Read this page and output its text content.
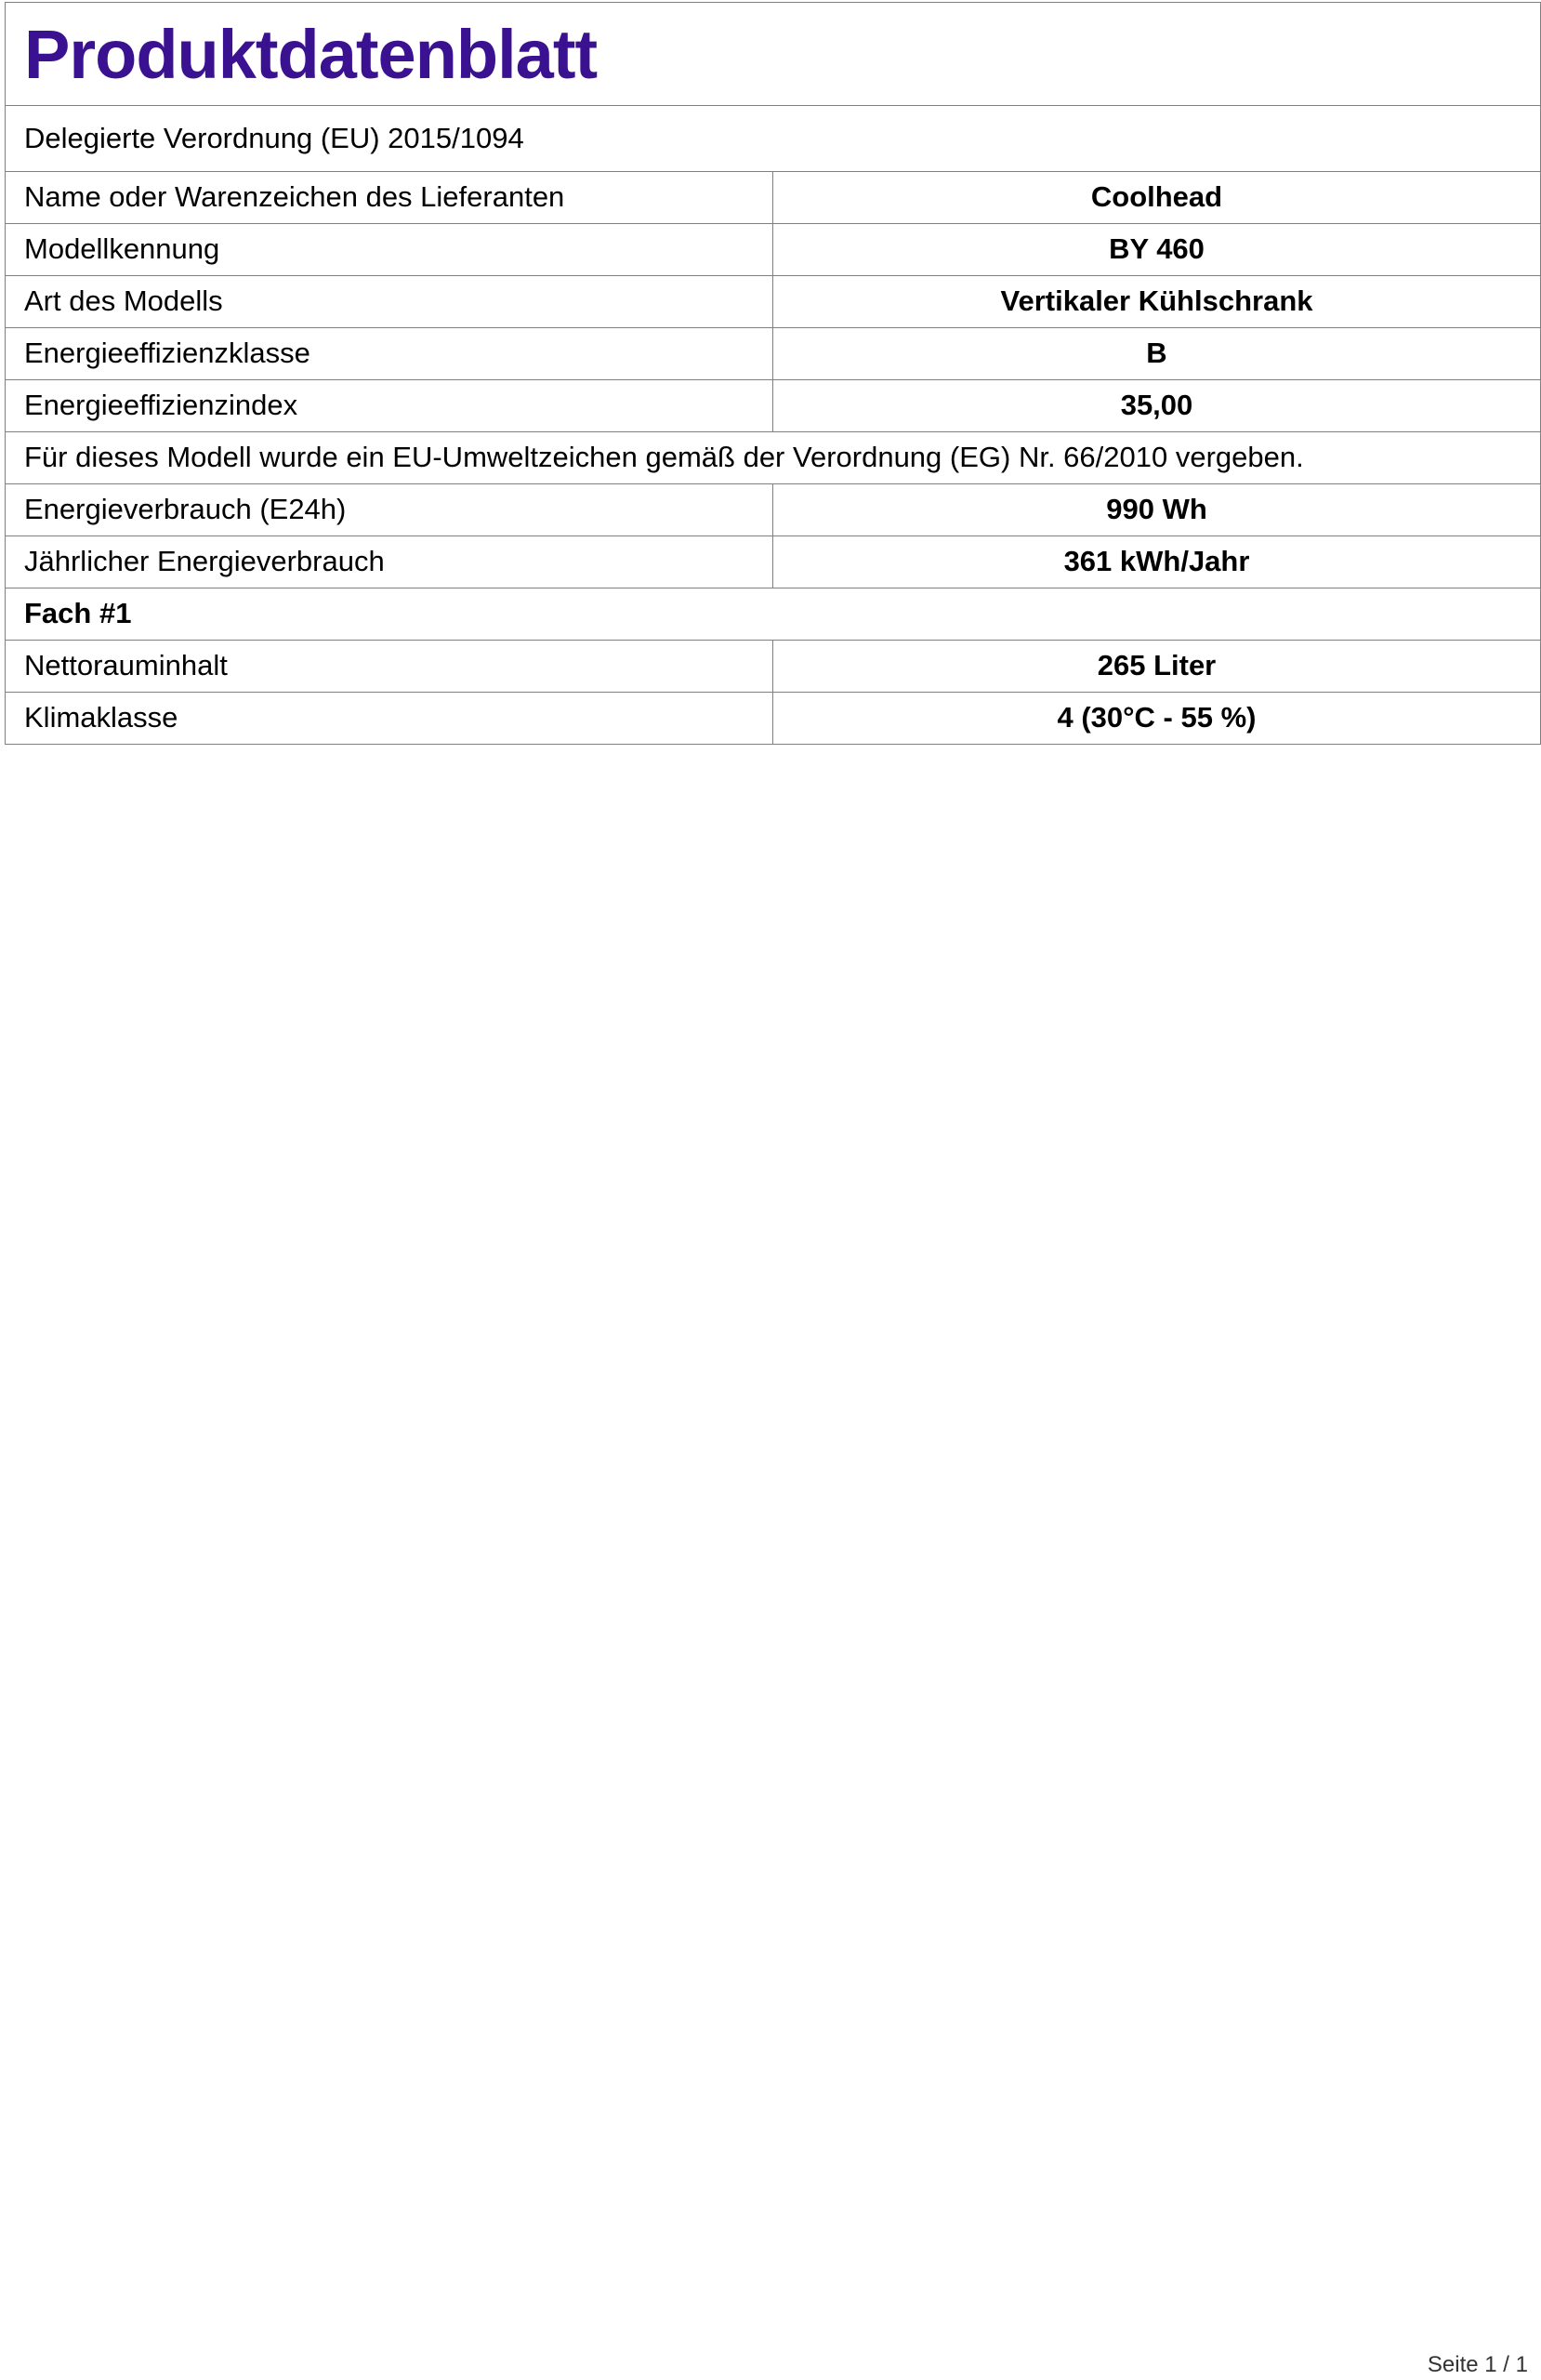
Produktdatenblatt	

Delegierte Verordnung (EU) 2015/1094	
Name oder Warenzeichen des Lieferanten	Coolhead
Modellkennung	BY 460
Art des Modells	Vertikaler Kühlschrank
Energieeffizienzklasse	B
Energieeffizienzindex	35,00
Für dieses Modell wurde ein EU-Umweltzeichen gemäß der Verordnung (EG) Nr. 66/2010 vergeben.	
Energieverbrauch (E24h)	990 Wh
Jährlicher Energieverbrauch	361 kWh/Jahr
Fach #1	
Nettorauminhalt	265 Liter
Klimaklasse	4 (30°C - 55 %)
Seite 1 / 1
